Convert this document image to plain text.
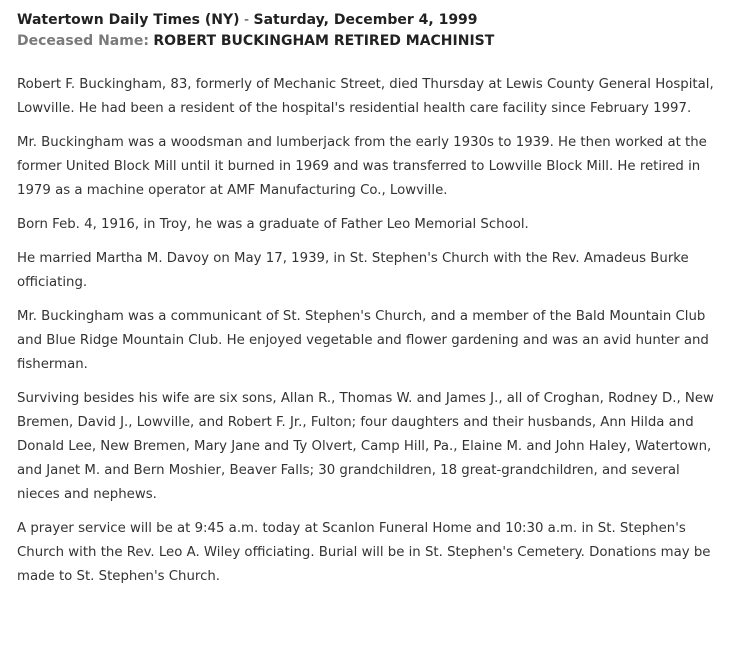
Watertown Daily Times (NY) - Saturday, December 4, 1999
Deceased Name: ROBERT BUCKINGHAM RETIRED MACHINIST

Robert F. Buckingham, 83, formerly of Mechanic Street, died Thursday at Lewis County General Hospital, Lowville. He had been a resident of the hospital's residential health care facility since February 1997.

Mr. Buckingham was a woodsman and lumberjack from the early 1930s to 1939. He then worked at the former United Block Mill until it burned in 1969 and was transferred to Lowville Block Mill. He retired in 1979 as a machine operator at AMF Manufacturing Co., Lowville.

Born Feb. 4, 1916, in Troy, he was a graduate of Father Leo Memorial School.

He married Martha M. Davoy on May 17, 1939, in St. Stephen's Church with the Rev. Amadeus Burke officiating.

Mr. Buckingham was a communicant of St. Stephen's Church, and a member of the Bald Mountain Club and Blue Ridge Mountain Club. He enjoyed vegetable and flower gardening and was an avid hunter and fisherman.

Surviving besides his wife are six sons, Allan R., Thomas W. and James J., all of Croghan, Rodney D., New Bremen, David J., Lowville, and Robert F. Jr., Fulton; four daughters and their husbands, Ann Hilda and Donald Lee, New Bremen, Mary Jane and Ty Olvert, Camp Hill, Pa., Elaine M. and John Haley, Watertown, and Janet M. and Bern Moshier, Beaver Falls; 30 grandchildren, 18 great-grandchildren, and several nieces and nephews.

A prayer service will be at 9:45 a.m. today at Scanlon Funeral Home and 10:30 a.m. in St. Stephen's Church with the Rev. Leo A. Wiley officiating. Burial will be in St. Stephen's Cemetery. Donations may be made to St. Stephen's Church.
